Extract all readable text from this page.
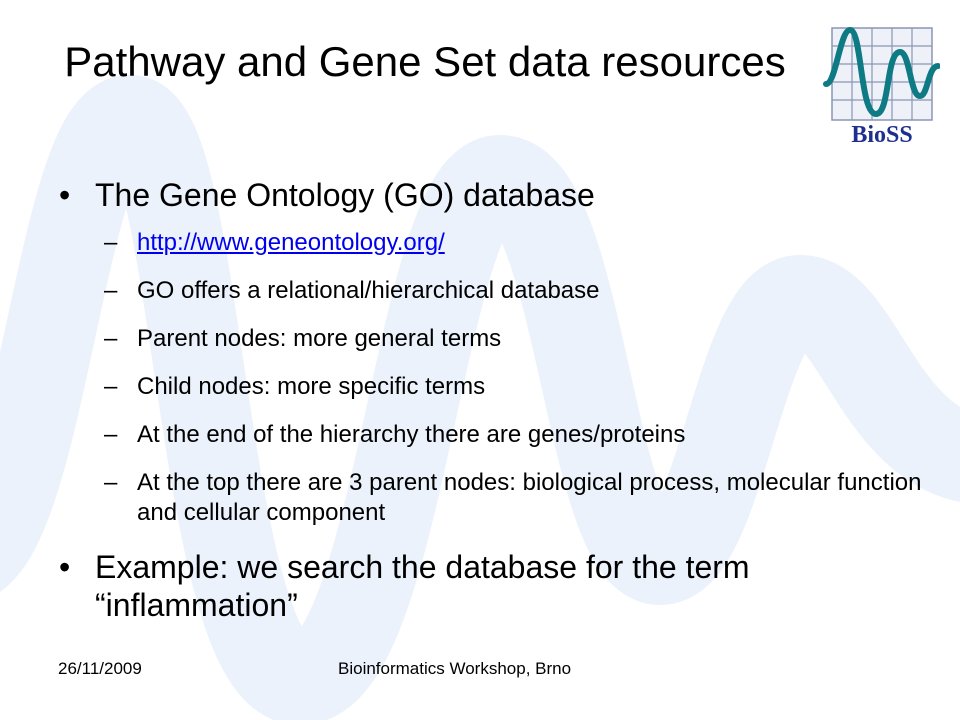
Pathway and Gene Set data resources
BioSS
• The Gene Ontology (GO) database
– http://www.geneontology.org/
– GO offers a relational/hierarchical database
– Parent nodes: more general terms
– Child nodes: more specific terms
– At the end of the hierarchy there are genes/proteins
– At the top there are 3 parent nodes: biological process, molecular function and cellular component
• Example: we search the database for the term “inflammation”
26/11/2009	Bioinformatics Workshop, Brno
